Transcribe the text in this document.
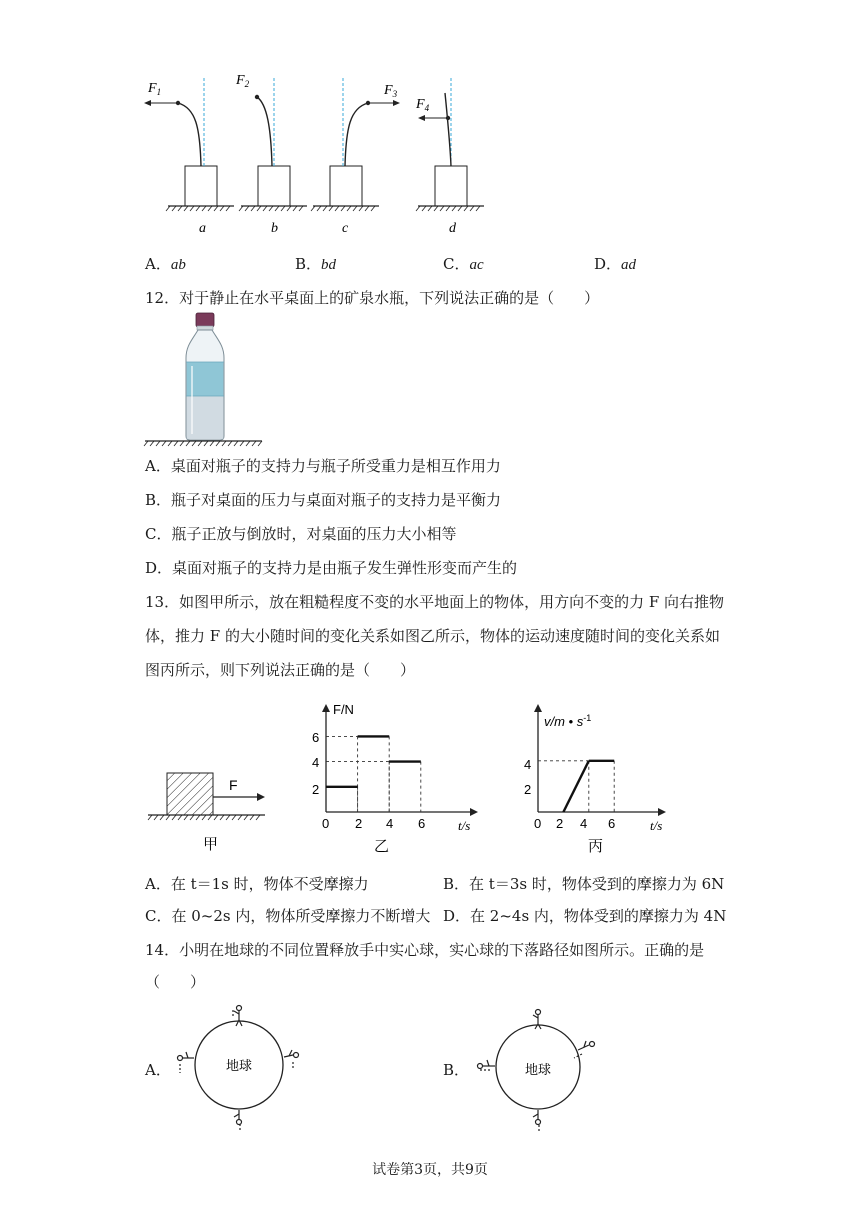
$F_1$
$F_2$	$F_3$
$F_4$
a	b	c	d
A．ab	B．bd	C．ac	D．ad
12．对于静止在水平桌面上的矿泉水瓶，下列说法正确的是（　　）
A．桌面对瓶子的支持力与瓶子所受重力是相互作用力
B．瓶子对桌面的压力与桌面对瓶子的支持力是平衡力
C．瓶子正放与倒放时，对桌面的压力大小相等
D．桌面对瓶子的支持力是由瓶子发生弹性形变而产生的
13．如图甲所示，放在粗糙程度不变的水平地面上的物体，用方向不变的力 F 向右推物
体，推力 F 的大小随时间的变化关系如图乙所示，物体的运动速度随时间的变化关系如
图丙所示，则下列说法正确的是（　　）
F
甲
F/N
t/s
0 2 4 6
2
4
6
乙
v/m • $s^{-1}$
t/s
0 2 4 6
2
4
丙
A．在 t＝1s 时，物体不受摩擦力	B．在 t＝3s 时，物体受到的摩擦力为 6N
C．在 0~2s 内，物体所受摩擦力不断增大 D．在 2~4s 内，物体受到的摩擦力为 4N
14．小明在地球的不同位置释放手中实心球，实心球的下落路径如图所示。正确的是
（　　）
A．	地球	B．	地球
试卷第3页，共9页
